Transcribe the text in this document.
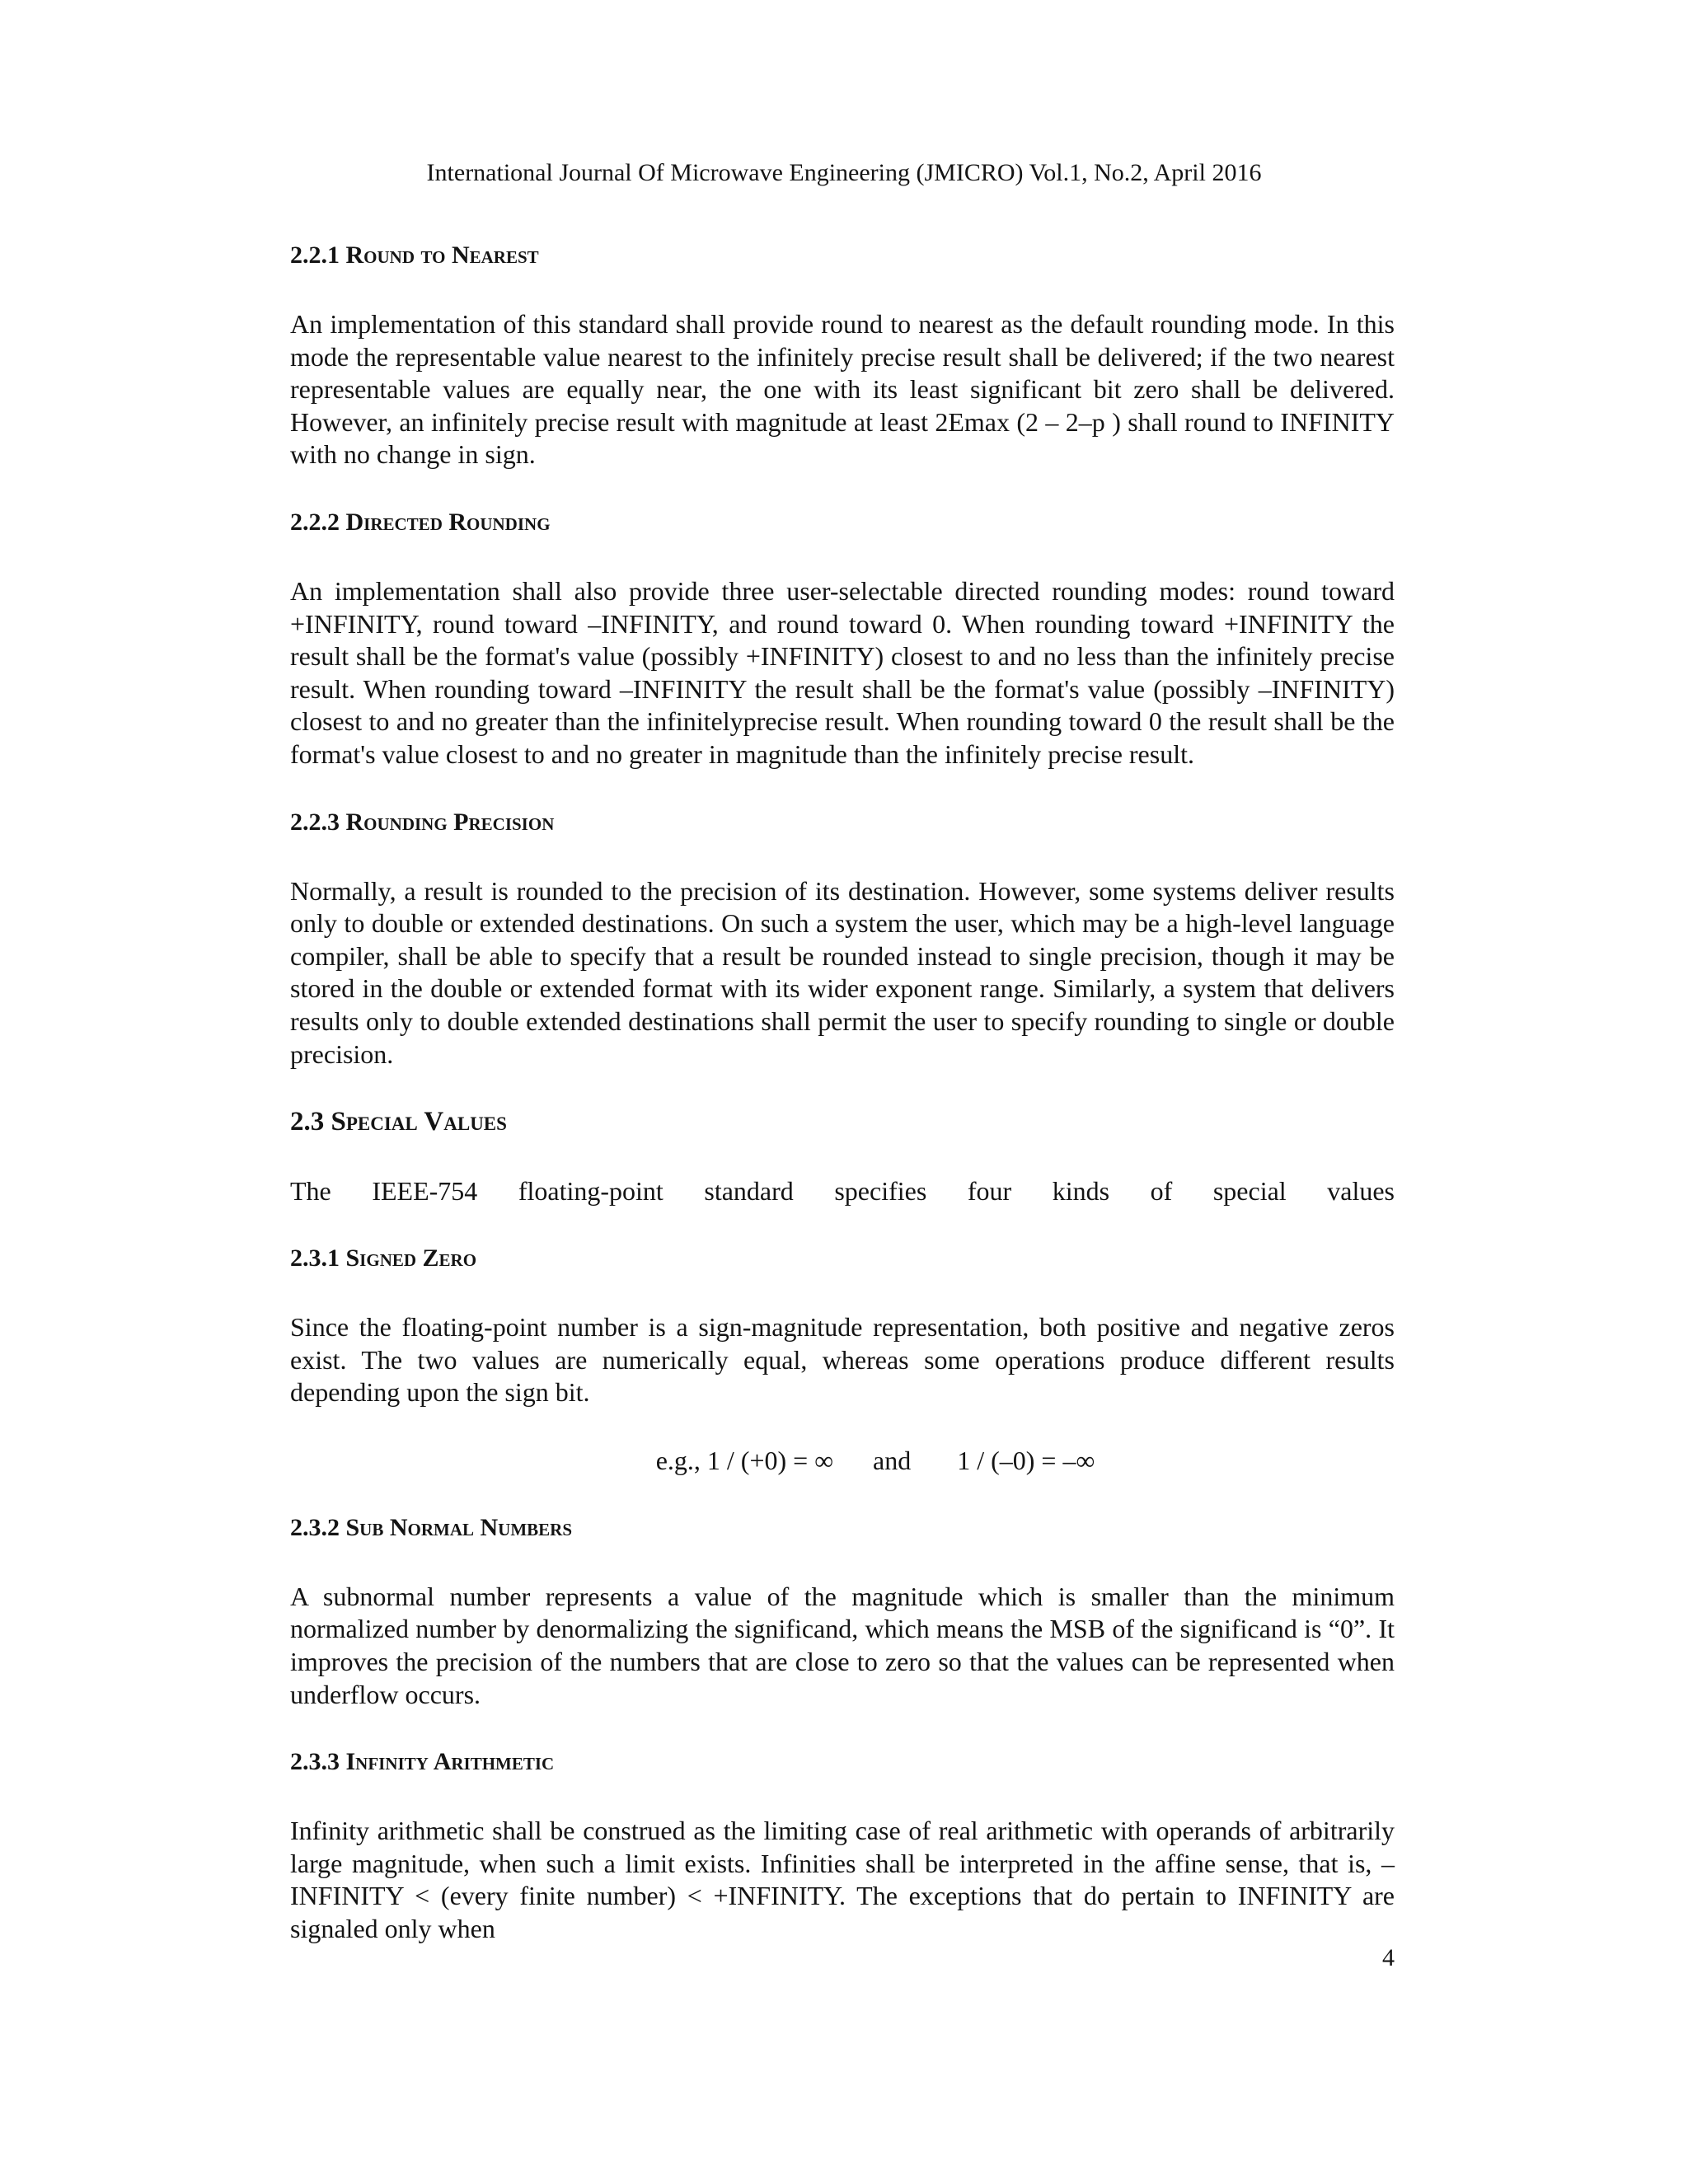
International Journal Of Microwave Engineering (JMICRO) Vol.1, No.2, April 2016
2.2.1 Round to Nearest

An implementation of this standard shall provide round to nearest as the default rounding mode. In this mode the representable value nearest to the infinitely precise result shall be delivered; if the two nearest representable values are equally near, the one with its least significant bit zero shall be delivered. However, an infinitely precise result with magnitude at least 2Emax (2 – 2–p ) shall round to INFINITY with no change in sign.

2.2.2 Directed Rounding

An implementation shall also provide three user-selectable directed rounding modes: round toward +INFINITY, round toward –INFINITY, and round toward 0. When rounding toward +INFINITY the result shall be the format's value (possibly +INFINITY) closest to and no less than the infinitely precise result. When rounding toward –INFINITY the result shall be the format's value (possibly –INFINITY) closest to and no greater than the infinitelyprecise result. When rounding toward 0 the result shall be the format's value closest to and no greater in magnitude than the infinitely precise result.

2.2.3 Rounding Precision

Normally, a result is rounded to the precision of its destination. However, some systems deliver results only to double or extended destinations. On such a system the user, which may be a high-level language compiler, shall be able to specify that a result be rounded instead to single precision, though it may be stored in the double or extended format with its wider exponent range. Similarly, a system that delivers results only to double extended destinations shall permit the user to specify rounding to single or double precision.

2.3 Special Values
The IEEE-754 floating-point standard specifies four kinds of special values
2.3.1 Signed Zero

Since the floating-point number is a sign-magnitude representation, both positive and negative zeros exist. The two values are numerically equal, whereas some operations produce different results depending upon the sign bit.

e.g., 1 / (+0) = ∞ and 1 / (–0) = –∞
2.3.2 Sub Normal Numbers

A subnormal number represents a value of the magnitude which is smaller than the minimum normalized number by denormalizing the significand, which means the MSB of the significand is “0”. It improves the precision of the numbers that are close to zero so that the values can be represented when underflow occurs.

2.3.3 Infinity Arithmetic

Infinity arithmetic shall be construed as the limiting case of real arithmetic with operands of arbitrarily large magnitude, when such a limit exists. Infinities shall be interpreted in the affine sense, that is, –INFINITY < (every finite number) < +INFINITY. The exceptions that do pertain to INFINITY are signaled only when

4
